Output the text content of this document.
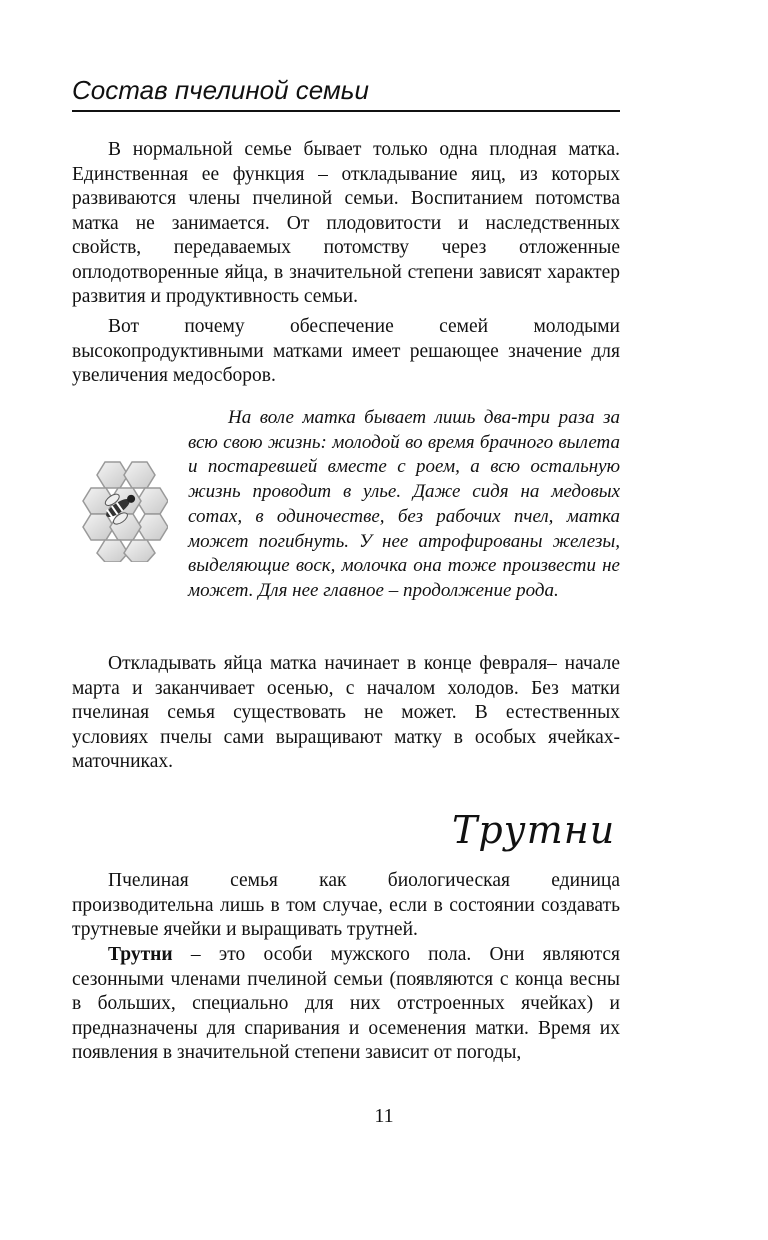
Состав пчелиной семьи

В нормальной семье бывает только одна плодная матка. Единственная ее функция – откладывание яиц, из которых развиваются члены пчелиной семьи. Воспитанием потомства матка не занимается. От плодовитости и наследственных свойств, передаваемых потомству через отложенные оплодотворенные яйца, в значительной степени зависят характер развития и продуктивность семьи.

Вот почему обеспечение семей молодыми высокопродуктивными матками имеет решающее значение для увеличения медосборов.

На воле матка бывает лишь два-три раза за всю свою жизнь: молодой во время брачного вылета и постаревшей вместе с роем, а всю остальную жизнь проводит в улье. Даже сидя на медовых сотах, в одиночестве, без рабочих пчел, матка может погибнуть. У нее атрофированы железы, выделяющие воск, молочка она тоже произвести не может. Для нее главное – продолжение рода.

Откладывать яйца матка начинает в конце февраля– начале марта и заканчивает осенью, с началом холодов. Без матки пчелиная семья существовать не может. В естественных условиях пчелы сами выращивают матку в особых ячейках-маточниках.

Трутни

Пчелиная семья как биологическая единица производительна лишь в том случае, если в состоянии создавать трутневые ячейки и выращивать трутней.

Трутни – это особи мужского пола. Они являются сезонными членами пчелиной семьи (появляются с конца весны в больших, специально для них отстроенных ячейках) и предназначены для спаривания и осеменения матки. Время их появления в значительной степени зависит от погоды,

11
